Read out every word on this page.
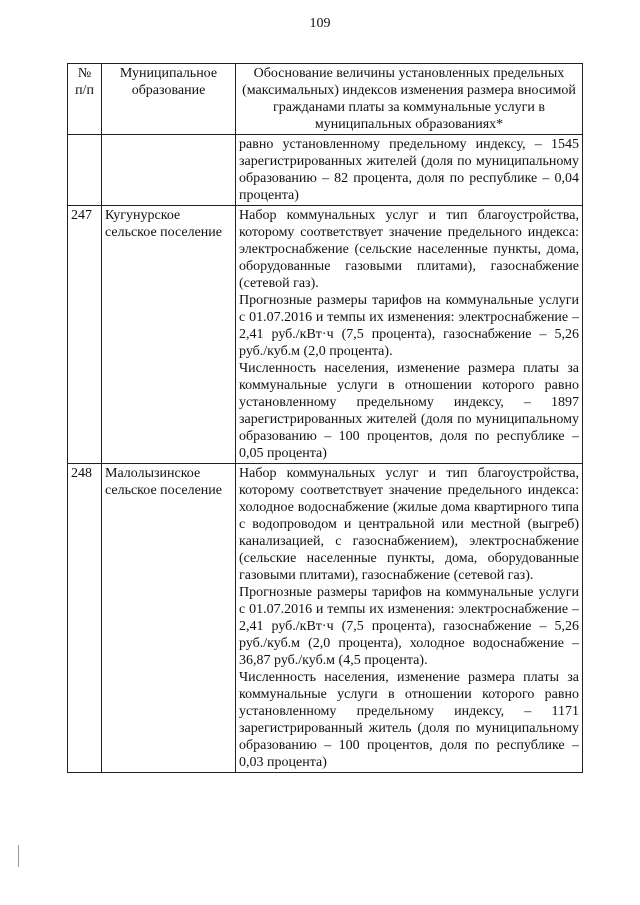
109
№ п/п	Муниципальное образование	Обоснование величины установленных предельных (максимальных) индексов изменения размера вносимой гражданами платы за коммунальные услуги в муниципальных образованиях*

		равно установленному предельному индексу, – 1545 зарегистрированных жителей (доля по муниципальному образованию – 82 процента, доля по республике – 0,04 процента)

247	Кугунурское сельское поселение	Набор коммунальных услуг и тип благоустройства, которому соответствует значение предельного индекса: электроснабжение (сельские населенные пункты, дома, оборудованные газовыми плитами), газоснабжение (сетевой газ).

Прогнозные размеры тарифов на коммунальные услуги с 01.07.2016 и темпы их изменения: электроснабжение – 2,41 руб./кВт·ч (7,5 процента), газоснабжение – 5,26 руб./куб.м (2,0 процента).

Численность населения, изменение размера платы за коммунальные услуги в отношении которого равно установленному предельному индексу, – 1897 зарегистрированных жителей (доля по муниципальному образованию – 100 процентов, доля по республике – 0,05 процента)

248	Малолызинское сельское поселение	Набор коммунальных услуг и тип благоустройства, которому соответствует значение предельного индекса: холодное водоснабжение (жилые дома квартирного типа с водопроводом и центральной или местной (выгреб) канализацией, с газоснабжением), электроснабжение (сельские населенные пункты, дома, оборудованные газовыми плитами), газоснабжение (сетевой газ).

Прогнозные размеры тарифов на коммунальные услуги с 01.07.2016 и темпы их изменения: электроснабжение – 2,41 руб./кВт·ч (7,5 процента), газоснабжение – 5,26 руб./куб.м (2,0 процента), холодное водоснабжение – 36,87 руб./куб.м (4,5 процента).

Численность населения, изменение размера платы за коммунальные услуги в отношении которого равно установленному предельному индексу, – 1171 зарегистрированный житель (доля по муниципальному образованию – 100 процентов, доля по республике – 0,03 процента)
